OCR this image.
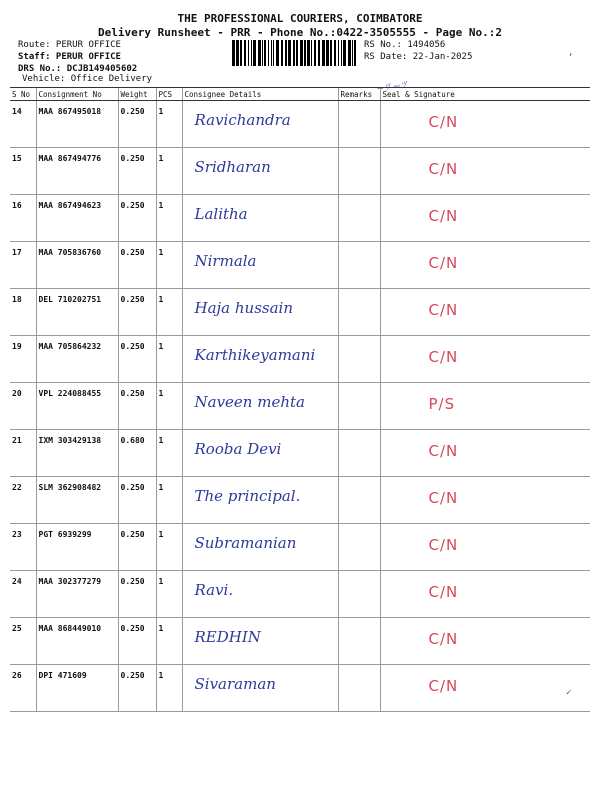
THE PROFESSIONAL COURIERS, COIMBATORE
Delivery Runsheet - PRR - Phone No.:0422-3505555 - Page No.:2
Route: PERUR OFFICE
Staff: PERUR OFFICE
DRS No.: DCJB149405602
Vehicle: Office Delivery
RS No.: 1494056
RS Date: 22-Jan-2025
~ﾂ ~ﾂ
,
✓
S No	Consignment No	Weight	PCS	Consignee Details	Remarks	Seal & Signature
14	MAA 867495018	0.250	1	Ravichandra		C/N
15	MAA 867494776	0.250	1	Sridharan		C/N
16	MAA 867494623	0.250	1	Lalitha		C/N
17	MAA 705836760	0.250	1	Nirmala		C/N
18	DEL 710202751	0.250	1	Haja hussain		C/N
19	MAA 705864232	0.250	1	Karthikeyamani		C/N
20	VPL 224088455	0.250	1	Naveen mehta		P/S
21	IXM 303429138	0.680	1	Rooba Devi		C/N
22	SLM 362908482	0.250	1	The principal.		C/N
23	PGT 6939299	0.250	1	Subramanian		C/N
24	MAA 302377279	0.250	1	Ravi.		C/N
25	MAA 868449010	0.250	1	REDHIN		C/N
26	DPI 471609	0.250	1	Sivaraman		C/N
